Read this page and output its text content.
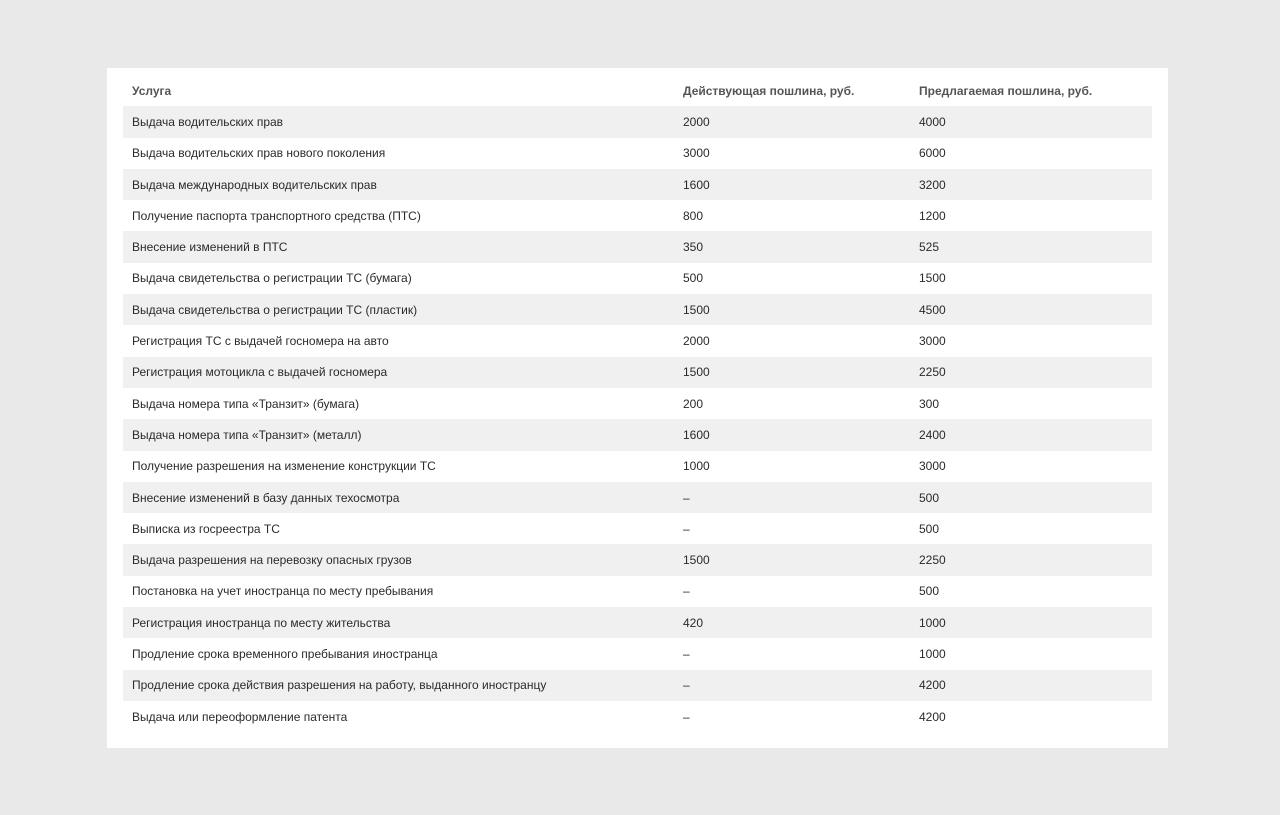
Услуга	Действующая пошлина, руб.	Предлагаемая пошлина, руб.
Выдача водительских прав	2000	4000
Выдача водительских прав нового поколения	3000	6000
Выдача международных водительских прав	1600	3200
Получение паспорта транспортного средства (ПТС)	800	1200
Внесение изменений в ПТС	350	525
Выдача свидетельства о регистрации ТС (бумага)	500	1500
Выдача свидетельства о регистрации ТС (пластик)	1500	4500
Регистрация ТС с выдачей госномера на авто	2000	3000
Регистрация мотоцикла с выдачей госномера	1500	2250
Выдача номера типа «Транзит» (бумага)	200	300
Выдача номера типа «Транзит» (металл)	1600	2400
Получение разрешения на изменение конструкции ТС	1000	3000
Внесение изменений в базу данных техосмотра	–	500
Выписка из госреестра ТС	–	500
Выдача разрешения на перевозку опасных грузов	1500	2250
Постановка на учет иностранца по месту пребывания	–	500
Регистрация иностранца по месту жительства	420	1000
Продление срока временного пребывания иностранца	–	1000
Продление срока действия разрешения на работу, выданного иностранцу	–	4200
Выдача или переоформление патента	–	4200
